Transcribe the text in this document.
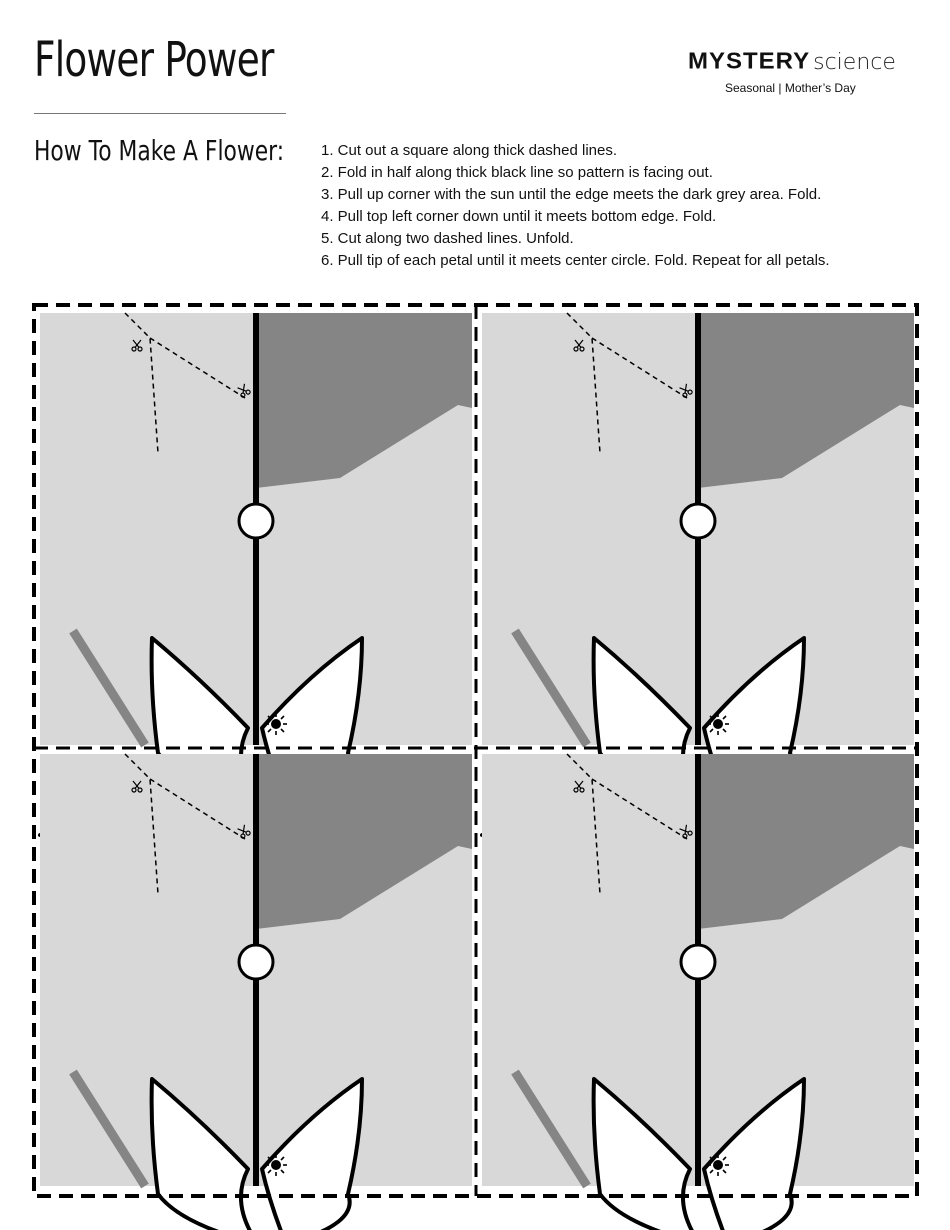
Flower Power	MYSTERY science
Seasonal | Mother’s Day
How To Make A Flower: 1. Cut out a square along thick dashed lines.
2. Fold in half along thick black line so pattern is facing out.
3. Pull up corner with the sun until the edge meets the dark grey area. Fold.
4. Pull top left corner down until it meets bottom edge. Fold.
5. Cut along two dashed lines. Unfold.
6. Pull tip of each petal until it meets center circle. Fold. Repeat for all petals.
